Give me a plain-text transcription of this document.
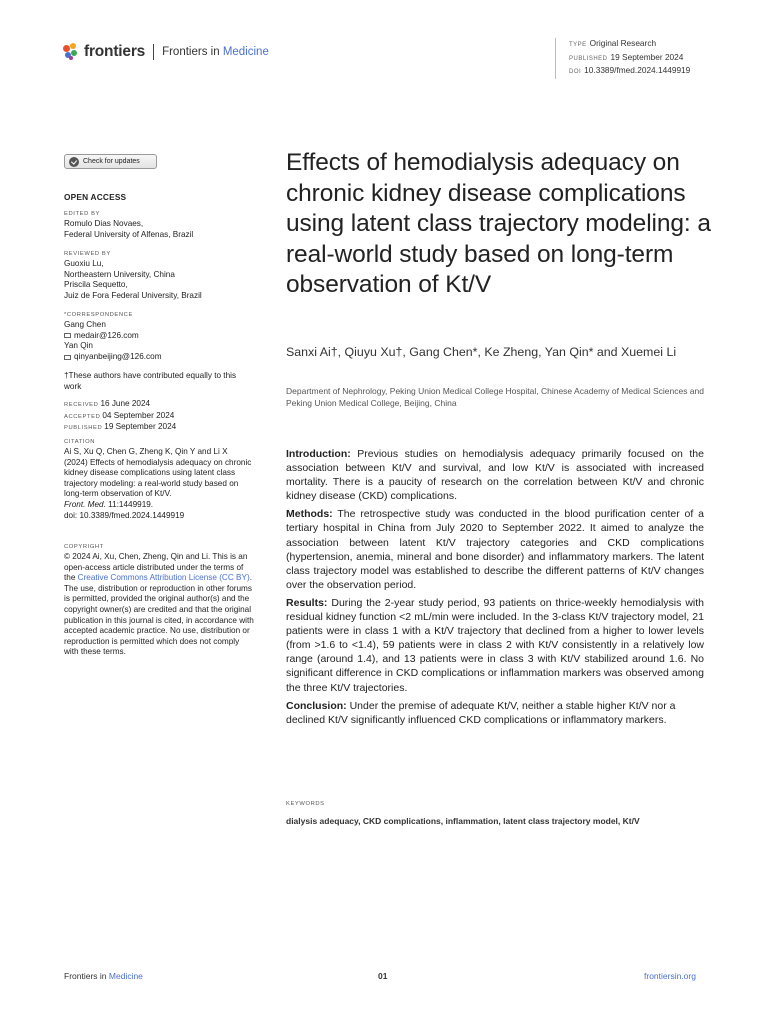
frontiers Frontiers in Medicine
TYPE Original Research
PUBLISHED 19 September 2024
DOI 10.3389/fmed.2024.1449919
Check for updates
OPEN ACCESS
EDITED BY
Romulo Dias Novaes,
Federal University of Alfenas, Brazil
REVIEWED BY
Guoxiu Lu,
Northeastern University, China
Priscila Sequetto,
Juiz de Fora Federal University, Brazil
*CORRESPONDENCE
Gang Chen
medair@126.com
Yan Qin
qinyanbeijing@126.com
†These authors have contributed equally to this work
RECEIVED 16 June 2024
ACCEPTED 04 September 2024
PUBLISHED 19 September 2024
CITATION
Ai S, Xu Q, Chen G, Zheng K, Qin Y and Li X (2024) Effects of hemodialysis adequacy on chronic kidney disease complications using latent class trajectory modeling: a real-world study based on long-term observation of Kt/V.
Front. Med. 11:1449919.
doi: 10.3389/fmed.2024.1449919
COPYRIGHT
© 2024 Ai, Xu, Chen, Zheng, Qin and Li. This is an open-access article distributed under the terms of the Creative Commons Attribution License (CC BY). The use, distribution or reproduction in other forums is permitted, provided the original author(s) and the copyright owner(s) are credited and that the original publication in this journal is cited, in accordance with accepted academic practice. No use, distribution or reproduction is permitted which does not comply with these terms.
Effects of hemodialysis adequacy on chronic kidney disease complications using latent class trajectory modeling: a real-world study based on long-term observation of Kt/V
Sanxi Ai†, Qiuyu Xu†, Gang Chen*, Ke Zheng, Yan Qin* and Xuemei Li
Department of Nephrology, Peking Union Medical College Hospital, Chinese Academy of Medical Sciences and Peking Union Medical College, Beijing, China

Introduction: Previous studies on hemodialysis adequacy primarily focused on the association between Kt/V and survival, and low Kt/V is associated with increased mortality. There is a paucity of research on the correlation between Kt/V and chronic kidney disease (CKD) complications.

Methods: The retrospective study was conducted in the blood purification center of a tertiary hospital in China from July 2020 to September 2022. It aimed to analyze the association between latent Kt/V trajectory categories and CKD complications (hypertension, anemia, mineral and bone disorder) and inflammatory markers. The latent class trajectory model was established to describe the different patterns of Kt/V changes over the observation period.

Results: During the 2-year study period, 93 patients on thrice-weekly hemodialysis with residual kidney function <2 mL/min were included. In the 3-class Kt/V trajectory model, 21 patients were in class 1 with a Kt/V trajectory that declined from a higher to lower levels (from >1.6 to <1.4), 59 patients were in class 2 with Kt/V consistently in a relatively low range (around 1.4), and 13 patients were in class 3 with Kt/V stabilized around 1.6. No significant difference in CKD complications or inflammation markers was observed among the three Kt/V trajectories.

Conclusion: Under the premise of adequate Kt/V, neither a stable higher Kt/V nor a declined Kt/V significantly influenced CKD complications or inflammatory markers.

KEYWORDS
dialysis adequacy, CKD complications, inflammation, latent class trajectory model, Kt/V
Frontiers in Medicine	01	frontiersin.org
